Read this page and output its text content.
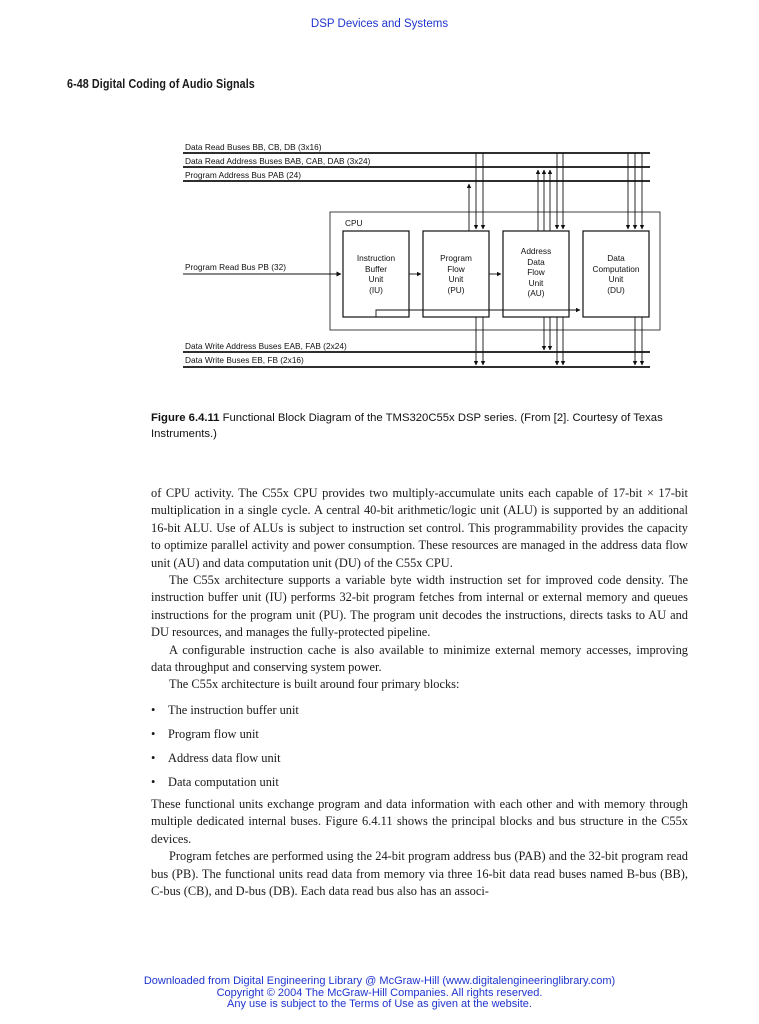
DSP Devices and Systems
6-48 Digital Coding of Audio Signals
Data Read Buses BB, CB, DB (3x16)
Data Read Address Buses BAB, CAB, DAB (3x24)
Program Address Bus PAB (24)
Program Read Bus PB (32)
Data Write Address Buses EAB, FAB (2x24)
Data Write Buses EB, FB (2x16)
CPU
Instruction
Buffer
Unit
(IU)
Program
Flow
Unit
(PU)
Address
Data
Flow
Unit
(AU)
Data
Computation
Unit
(DU)
Figure 6.4.11 Functional Block Diagram of the TMS320C55x DSP series. (From [2]. Courtesy of Texas Instruments.)

of CPU activity. The C55x CPU provides two multiply-accumulate units each capable of 17-bit × 17-bit multiplication in a single cycle. A central 40-bit arithmetic/logic unit (ALU) is supported by an additional 16-bit ALU. Use of ALUs is subject to instruction set control. This programmability provides the capacity to optimize parallel activity and power consumption. These resources are managed in the address data flow unit (AU) and data computation unit (DU) of the C55x CPU.

The C55x architecture supports a variable byte width instruction set for improved code density. The instruction buffer unit (IU) performs 32-bit program fetches from internal or external memory and queues instructions for the program unit (PU). The program unit decodes the instructions, directs tasks to AU and DU resources, and manages the fully-protected pipeline.

A configurable instruction cache is also available to minimize external memory accesses, improving data throughput and conserving system power.

The C55x architecture is built around four primary blocks:

• The instruction buffer unit
• Program flow unit
• Address data flow unit
• Data computation unit

These functional units exchange program and data information with each other and with memory through multiple dedicated internal buses. Figure 6.4.11 shows the principal blocks and bus structure in the C55x devices.

Program fetches are performed using the 24-bit program address bus (PAB) and the 32-bit program read bus (PB). The functional units read data from memory via three 16-bit data read buses named B-bus (BB), C-bus (CB), and D-bus (DB). Each data read bus also has an associ-

Downloaded from Digital Engineering Library @ McGraw-Hill (www.digitalengineeringlibrary.com)
Copyright © 2004 The McGraw-Hill Companies. All rights reserved.
Any use is subject to the Terms of Use as given at the website.
